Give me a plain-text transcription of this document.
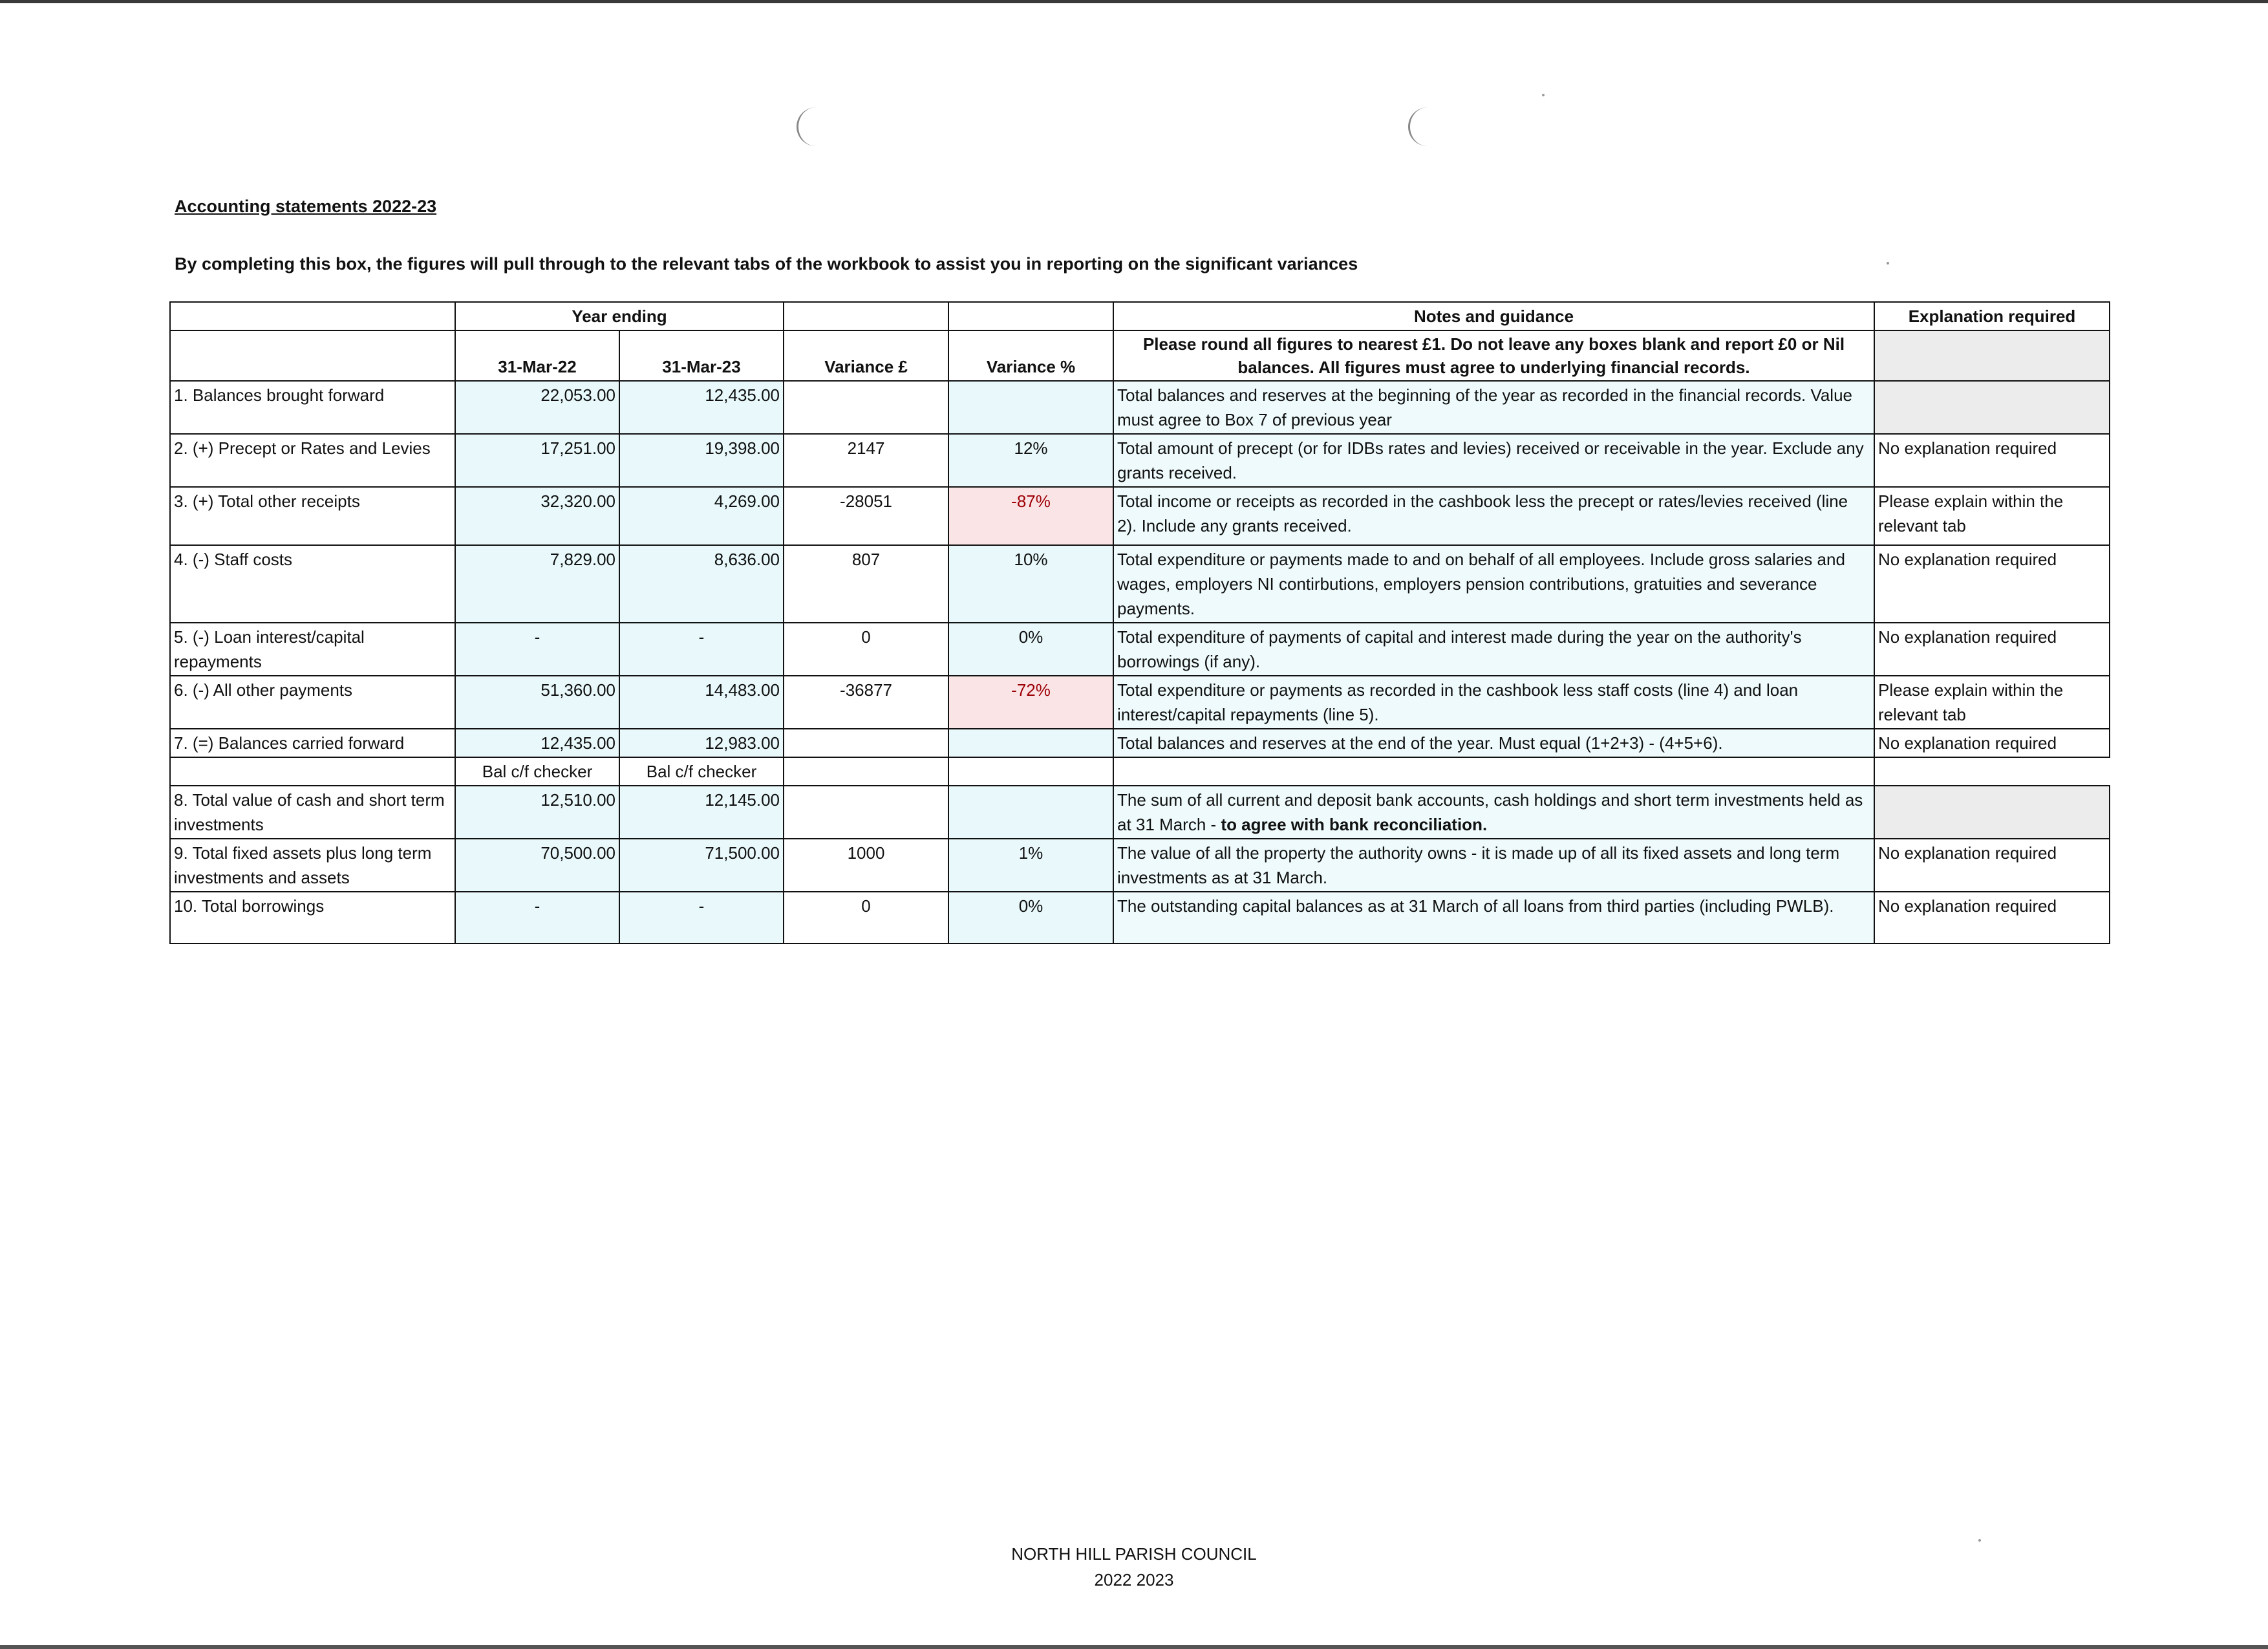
Accounting statements 2022-23
By completing this box, the figures will pull through to the relevant tabs of the workbook to assist you in reporting on the significant variances
	Year ending				Notes and guidance	Explanation required
	31-Mar-22	31-Mar-23	Variance £	Variance %	Please round all figures to nearest £1. Do not leave any boxes blank and report £0 or Nil balances. All figures must agree to underlying financial records.	
1. Balances brought forward	22,053.00	12,435.00			Total balances and reserves at the beginning of the year as recorded in the financial records. Value must agree to Box 7 of previous year	
2. (+) Precept or Rates and Levies	17,251.00	19,398.00	2147	12%	Total amount of precept (or for IDBs rates and levies) received or receivable in the year. Exclude any grants received.	No explanation required
3. (+) Total other receipts	32,320.00	4,269.00	-28051	-87%	Total income or receipts as recorded in the cashbook less the precept or rates/levies received (line 2). Include any grants received.	Please explain within the relevant tab
4. (-) Staff costs	7,829.00	8,636.00	807	10%	Total expenditure or payments made to and on behalf of all employees. Include gross salaries and wages, employers NI contirbutions, employers pension contributions, gratuities and severance payments.	No explanation required
5. (-) Loan interest/capital repayments	-	-	0	0%	Total expenditure of payments of capital and interest made during the year on the authority's borrowings (if any).	No explanation required
6. (-) All other payments	51,360.00	14,483.00	-36877	-72%	Total expenditure or payments as recorded in the cashbook less staff costs (line 4) and loan interest/capital repayments (line 5).	Please explain within the relevant tab
7. (=) Balances carried forward	12,435.00	12,983.00			Total balances and reserves at the end of the year. Must equal (1+2+3) - (4+5+6).	No explanation required
	Bal c/f checker	Bal c/f checker				
8. Total value of cash and short term investments	12,510.00	12,145.00			The sum of all current and deposit bank accounts, cash holdings and short term investments held as at 31 March - to agree with bank reconciliation.	
9. Total fixed assets plus long term investments and assets	70,500.00	71,500.00	1000	1%	The value of all the property the authority owns - it is made up of all its fixed assets and long term investments as at 31 March.	No explanation required
10. Total borrowings	-	-	0	0%	The outstanding capital balances as at 31 March of all loans from third parties (including PWLB).	No explanation required
NORTH HILL PARISH COUNCIL
2022 2023
